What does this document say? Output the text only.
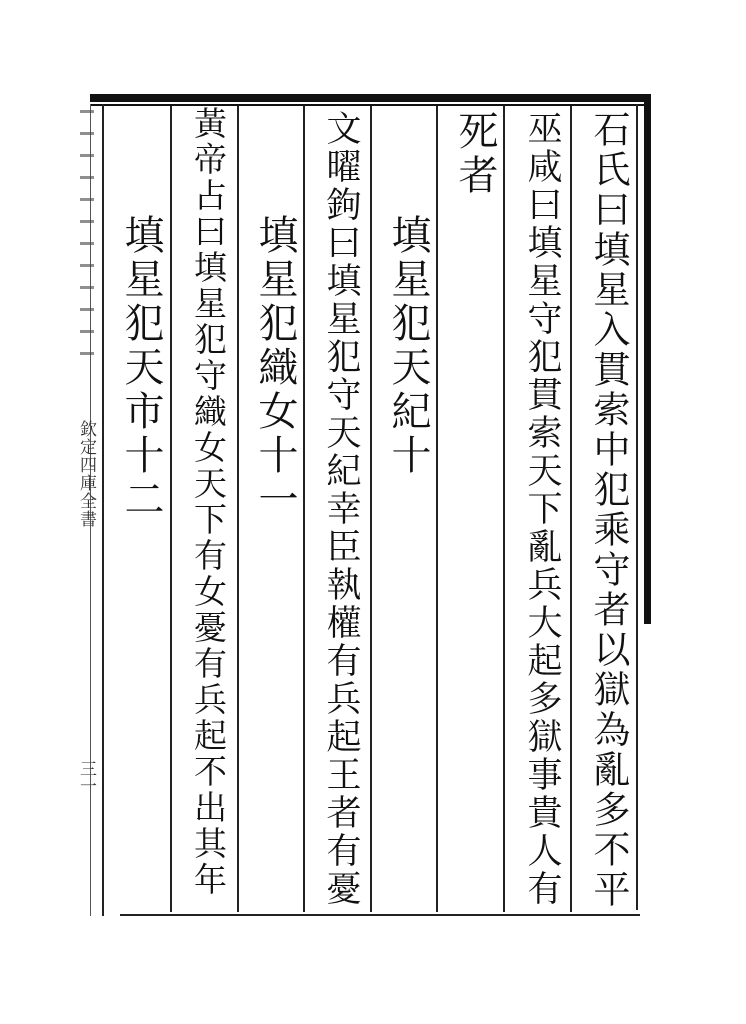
欽定四庫全書
三一	石氏曰填星入貫索中犯乘守者以獄為亂多不平
巫咸曰填星守犯貫索天下亂兵大起多獄事貴人有
死者
填星犯天紀十
文曜鉤曰填星犯守天紀幸臣執權有兵起王者有憂
填星犯織女十一
黃帝占曰填星犯守織女天下有女憂有兵起不出其年
填星犯天市十二
